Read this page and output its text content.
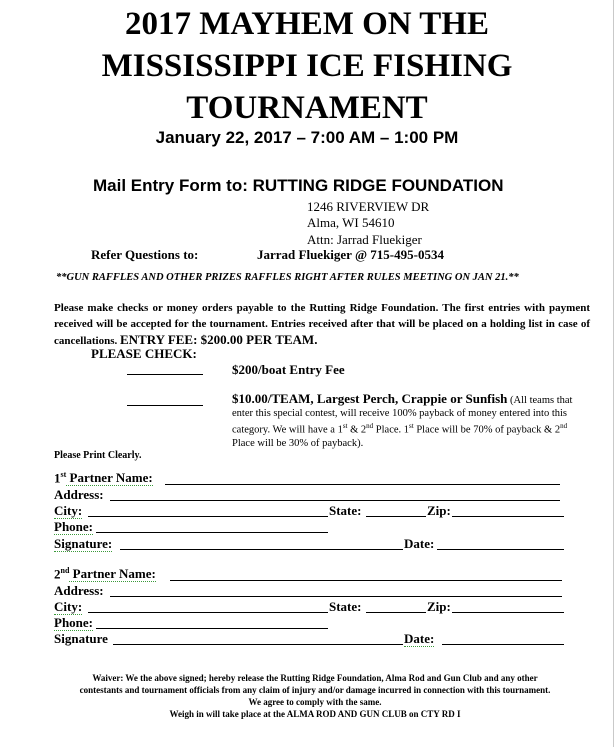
2017 MAYHEM ON THE
MISSISSIPPI ICE FISHING
TOURNAMENT
January 22, 2017 – 7:00 AM – 1:00 PM
Mail Entry Form to: RUTTING RIDGE FOUNDATION
1246 RIVERVIEW DR
Alma, WI 54610
Attn: Jarrad Fluekiger
Refer Questions to:	Jarrad Fluekiger @ 715-495-0534
**GUN RAFFLES AND OTHER PRIZES RAFFLES RIGHT AFTER RULES MEETING ON JAN 21.**
Please make checks or money orders payable to the Rutting Ridge Foundation. The first entries with payment received will be accepted for the tournament. Entries received after that will be placed on a holding list in case of cancellations. ENTRY FEE: $200.00 PER TEAM.
PLEASE CHECK:
$200/boat Entry Fee
$10.00/TEAM, Largest Perch, Crappie or Sunfish (All teams that enter this special contest, will receive 100% payback of money entered into this category. We will have a 1st & 2nd Place. 1st Place will be 70% of payback & 2nd Place will be 30% of payback).
Please Print Clearly.
1st Partner Name:
Address:
City:	State:	Zip:
Phone:
Signature:	Date:
2nd Partner Name:
Address:
City:	State:	Zip:
Phone:
Signature	Date:
Waiver: We the above signed; hereby release the Rutting Ridge Foundation, Alma Rod and Gun Club and any other
contestants and tournament officials from any claim of injury and/or damage incurred in connection with this tournament.
We agree to comply with the same.
Weigh in will take place at the ALMA ROD AND GUN CLUB on CTY RD I
